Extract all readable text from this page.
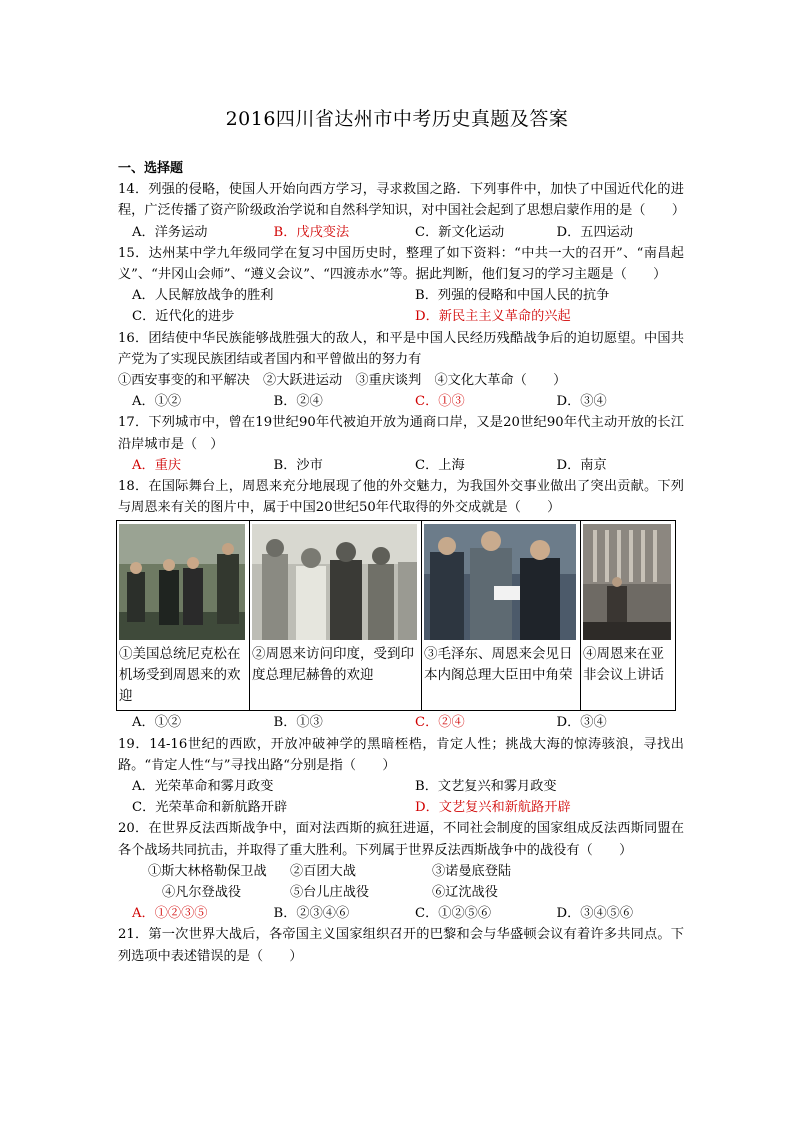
2016四川省达州市中考历史真题及答案
一、选择题
14．列强的侵略，使国人开始向西方学习，寻求救国之路．下列事件中，加快了中国近代化的进程，广泛传播了资产阶级政治学说和自然科学知识，对中国社会起到了思想启蒙作用的是（　　）
A．洋务运动	B．戊戌变法	C．新文化运动	D．五四运动
15．达州某中学九年级同学在复习中国历史时，整理了如下资料：“中共一大的召开”、“南昌起义”、“井冈山会师”、“遵义会议”、“四渡赤水”等。据此判断，他们复习的学习主题是（　　）
A．人民解放战争的胜利	B．列强的侵略和中国人民的抗争
C．近代化的进步	D．新民主主义革命的兴起
16．团结使中华民族能够战胜强大的敌人，和平是中国人民经历残酷战争后的迫切愿望。中国共产党为了实现民族团结或者国内和平曾做出的努力有
①西安事变的和平解决　②大跃进运动　③重庆谈判　④文化大革命（　　）
A．①②	B．②④	C．①③	D．③④
17．下列城市中，曾在19世纪90年代被迫开放为通商口岸，又是20世纪90年代主动开放的长江沿岸城市是（　）
A．重庆	B．沙市	C．上海	D．南京
18．在国际舞台上，周恩来充分地展现了他的外交魅力，为我国外交事业做出了突出贡献。下列与周恩来有关的图片中，属于中国20世纪50年代取得的外交成就是（　　）
①美国总统尼克松在机场受到周恩来的欢迎

②周恩来访问印度，受到印度总理尼赫鲁的欢迎

③毛泽东、周恩来会见日本内阁总理大臣田中角荣

④周恩来在亚非会议上讲话
A．①②	B．①③	C．②④	D．③④
19．14-16世纪的西欧，开放冲破神学的黑暗桎梏，肯定人性；挑战大海的惊涛骇浪，寻找出路。“肯定人性“与”寻找出路“分别是指（　　）
A．光荣革命和雾月政变	B．文艺复兴和雾月政变
C．光荣革命和新航路开辟	D．文艺复兴和新航路开辟
20．在世界反法西斯战争中，面对法西斯的疯狂进逼，不同社会制度的国家组成反法西斯同盟在各个战场共同抗击，并取得了重大胜利。下列属于世界反法西斯战争中的战役有（　　）
①斯大林格勒保卫战	②百团大战	③诺曼底登陆
④凡尔登战役	⑤台儿庄战役	⑥辽沈战役
A．①②③⑤	B．②③④⑥	C．①②⑤⑥	D．③④⑤⑥
21．第一次世界大战后，各帝国主义国家组织召开的巴黎和会与华盛顿会议有着许多共同点。下列选项中表述错误的是（　　）
